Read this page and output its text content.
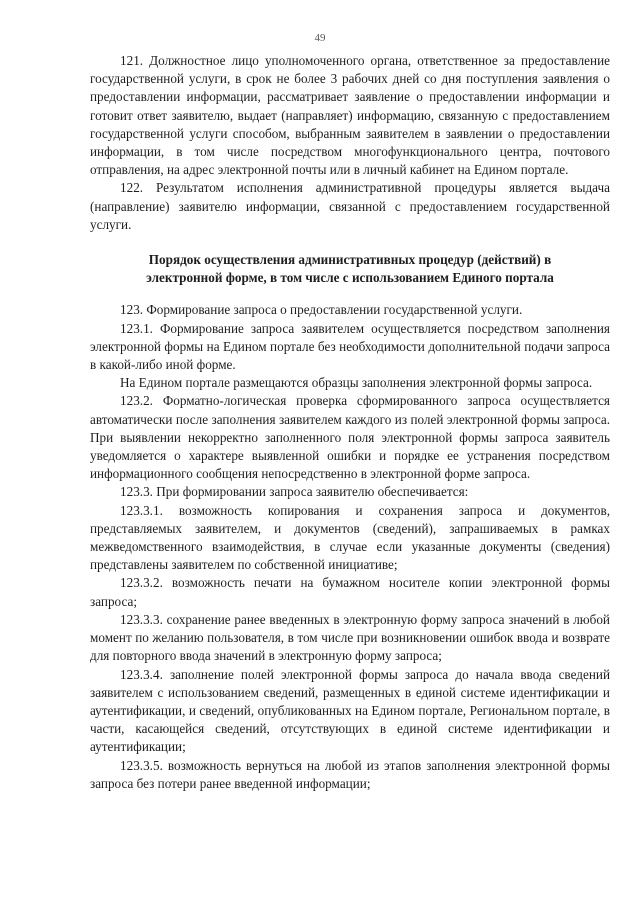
49

121. Должностное лицо уполномоченного органа, ответственное за предоставление государственной услуги, в срок не более 3 рабочих дней со дня поступления заявления о предоставлении информации, рассматривает заявление о предоставлении информации и готовит ответ заявителю, выдает (направляет) информацию, связанную с предоставлением государственной услуги способом, выбранным заявителем в заявлении о предоставлении информации, в том числе посредством многофункционального центра, почтового отправления, на адрес электронной почты или в личный кабинет на Едином портале.

122. Результатом исполнения административной процедуры является выдача (направление) заявителю информации, связанной с предоставлением государственной услуги.

Порядок осуществления административных процедур (действий) в

электронной форме, в том числе с использованием Единого портала

123. Формирование запроса о предоставлении государственной услуги.

123.1. Формирование запроса заявителем осуществляется посредством заполнения электронной формы на Едином портале без необходимости дополнительной подачи запроса в какой-либо иной форме.

На Едином портале размещаются образцы заполнения электронной формы запроса.

123.2. Форматно-логическая проверка сформированного запроса осуществляется автоматически после заполнения заявителем каждого из полей электронной формы запроса. При выявлении некорректно заполненного поля электронной формы запроса заявитель уведомляется о характере выявленной ошибки и порядке ее устранения посредством информационного сообщения непосредственно в электронной форме запроса.

123.3. При формировании запроса заявителю обеспечивается:

123.3.1. возможность копирования и сохранения запроса и документов, представляемых заявителем, и документов (сведений), запрашиваемых в рамках межведомственного взаимодействия, в случае если указанные документы (сведения) представлены заявителем по собственной инициативе;

123.3.2. возможность печати на бумажном носителе копии электронной формы запроса;

123.3.3. сохранение ранее введенных в электронную форму запроса значений в любой момент по желанию пользователя, в том числе при возникновении ошибок ввода и возврате для повторного ввода значений в электронную форму запроса;

123.3.4. заполнение полей электронной формы запроса до начала ввода сведений заявителем с использованием сведений, размещенных в единой системе идентификации и аутентификации, и сведений, опубликованных на Едином портале, Региональном портале, в части, касающейся сведений, отсутствующих в единой системе идентификации и аутентификации;

123.3.5. возможность вернуться на любой из этапов заполнения электронной формы запроса без потери ранее введенной информации;
